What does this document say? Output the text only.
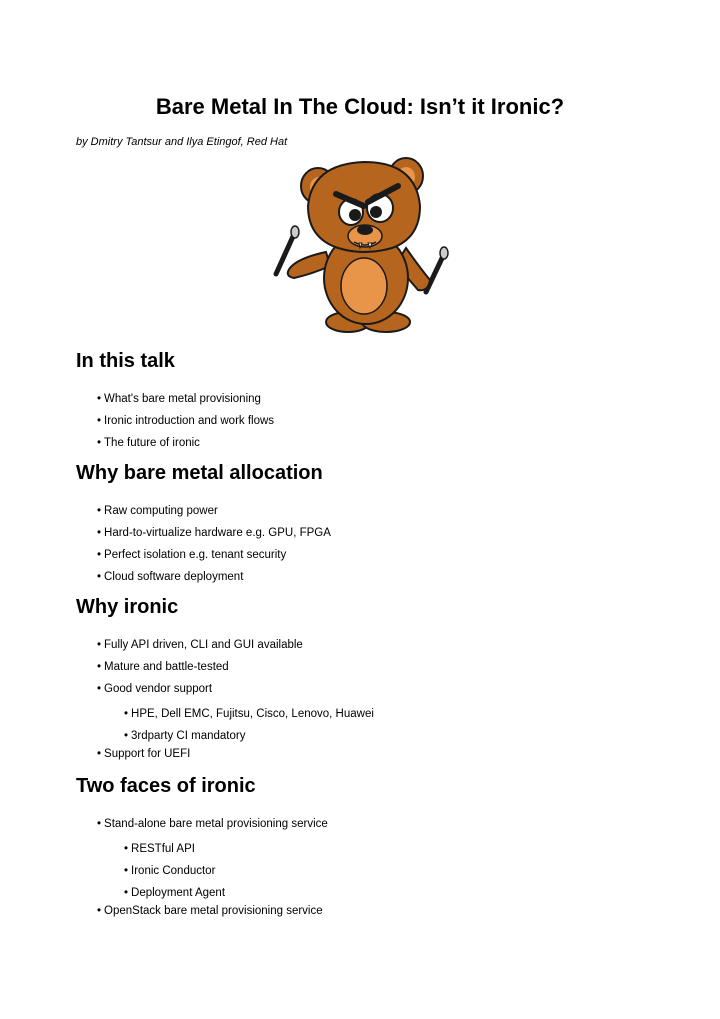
Bare Metal In The Cloud: Isn’t it Ironic?

by Dmitry Tantsur and Ilya Etingof, Red Hat

In this talk
• What's bare metal provisioning
• Ironic introduction and work flows
• The future of ironic
Why bare metal allocation
• Raw computing power
• Hard-to-virtualize hardware e.g. GPU, FPGA
• Perfect isolation e.g. tenant security
• Cloud software deployment
Why ironic
• Fully API driven, CLI and GUI available
• Mature and battle-tested
• Good vendor support
• HPE, Dell EMC, Fujitsu, Cisco, Lenovo, Huawei
• 3rdparty CI mandatory
• Support for UEFI
Two faces of ironic
• Stand-alone bare metal provisioning service
• RESTful API
• Ironic Conductor
• Deployment Agent
• OpenStack bare metal provisioning service
